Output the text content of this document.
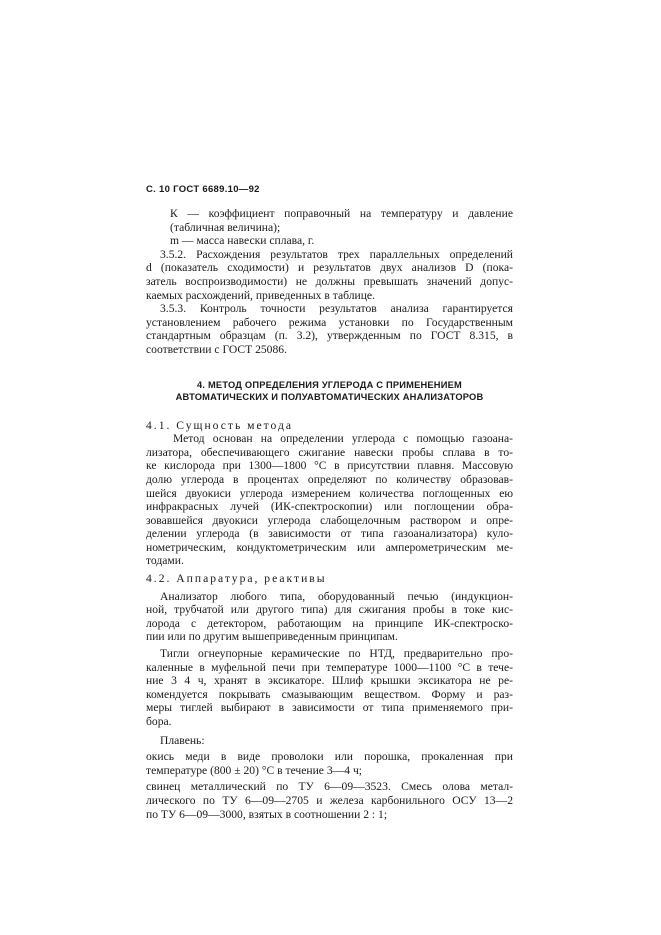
С. 10 ГОСТ 6689.10—92
К — коэффициент поправочный на температуру и давление
(табличная величина);
m — масса навески сплава, г.
3.5.2. Расхождения результатов трех параллельных определений
d (показатель сходимости) и результатов двух анализов D (пока-
затель воспроизводимости) не должны превышать значений допус-
каемых расхождений, приведенных в таблице.
3.5.3. Контроль точности результатов анализа гарантируется
установлением рабочего режима установки по Государственным
стандартным образцам (п. 3.2), утвержденным по ГОСТ 8.315, в
соответствии с ГОСТ 25086.
4. МЕТОД ОПРЕДЕЛЕНИЯ УГЛЕРОДА С ПРИМЕНЕНИЕМ
АВТОМАТИЧЕСКИХ И ПОЛУАВТОМАТИЧЕСКИХ АНАЛИЗАТОРОВ
4.1. Сущность метода
Метод основан на определении углерода с помощью газоана-
лизатора, обеспечивающего сжигание навески пробы сплава в то-
ке кислорода при 1300—1800 °С в присутствии плавня. Массовую
долю углерода в процентах определяют по количеству образовав-
шейся двуокиси углерода измерением количества поглощенных ею
инфракрасных лучей (ИК-спектроскопии) или поглощении обра-
зовавшейся двуокиси углерода слабощелочным раствором и опре-
делении углерода (в зависимости от типа газоанализатора) куло-
нометрическим, кондуктометрическим или амперометрическим ме-
тодами.
4.2. Аппаратура, реактивы
Анализатор любого типа, оборудованный печью (индукцион-
ной, трубчатой или другого типа) для сжигания пробы в токе кис-
лорода с детектором, работающим на принципе ИК-спектроско-
пии или по другим вышеприведенным принципам.
Тигли огнеупорные керамические по НТД, предварительно про-
каленные в муфельной печи при температуре 1000—1100 °С в тече-
ние 3 4 ч, хранят в эксикаторе. Шлиф крышки эксикатора не ре-
комендуется покрывать смазывающим веществом. Форму и раз-
меры тиглей выбирают в зависимости от типа применяемого при-
бора.
Плавень:
окись меди в виде проволоки или порошка, прокаленная при
температуре (800 ± 20) °С в течение 3—4 ч;
свинец металлический по ТУ 6—09—3523. Смесь олова метал-
лического по ТУ 6—09—2705 и железа карбонильного ОСУ 13—2
по ТУ 6—09—3000, взятых в соотношении 2 : 1;
